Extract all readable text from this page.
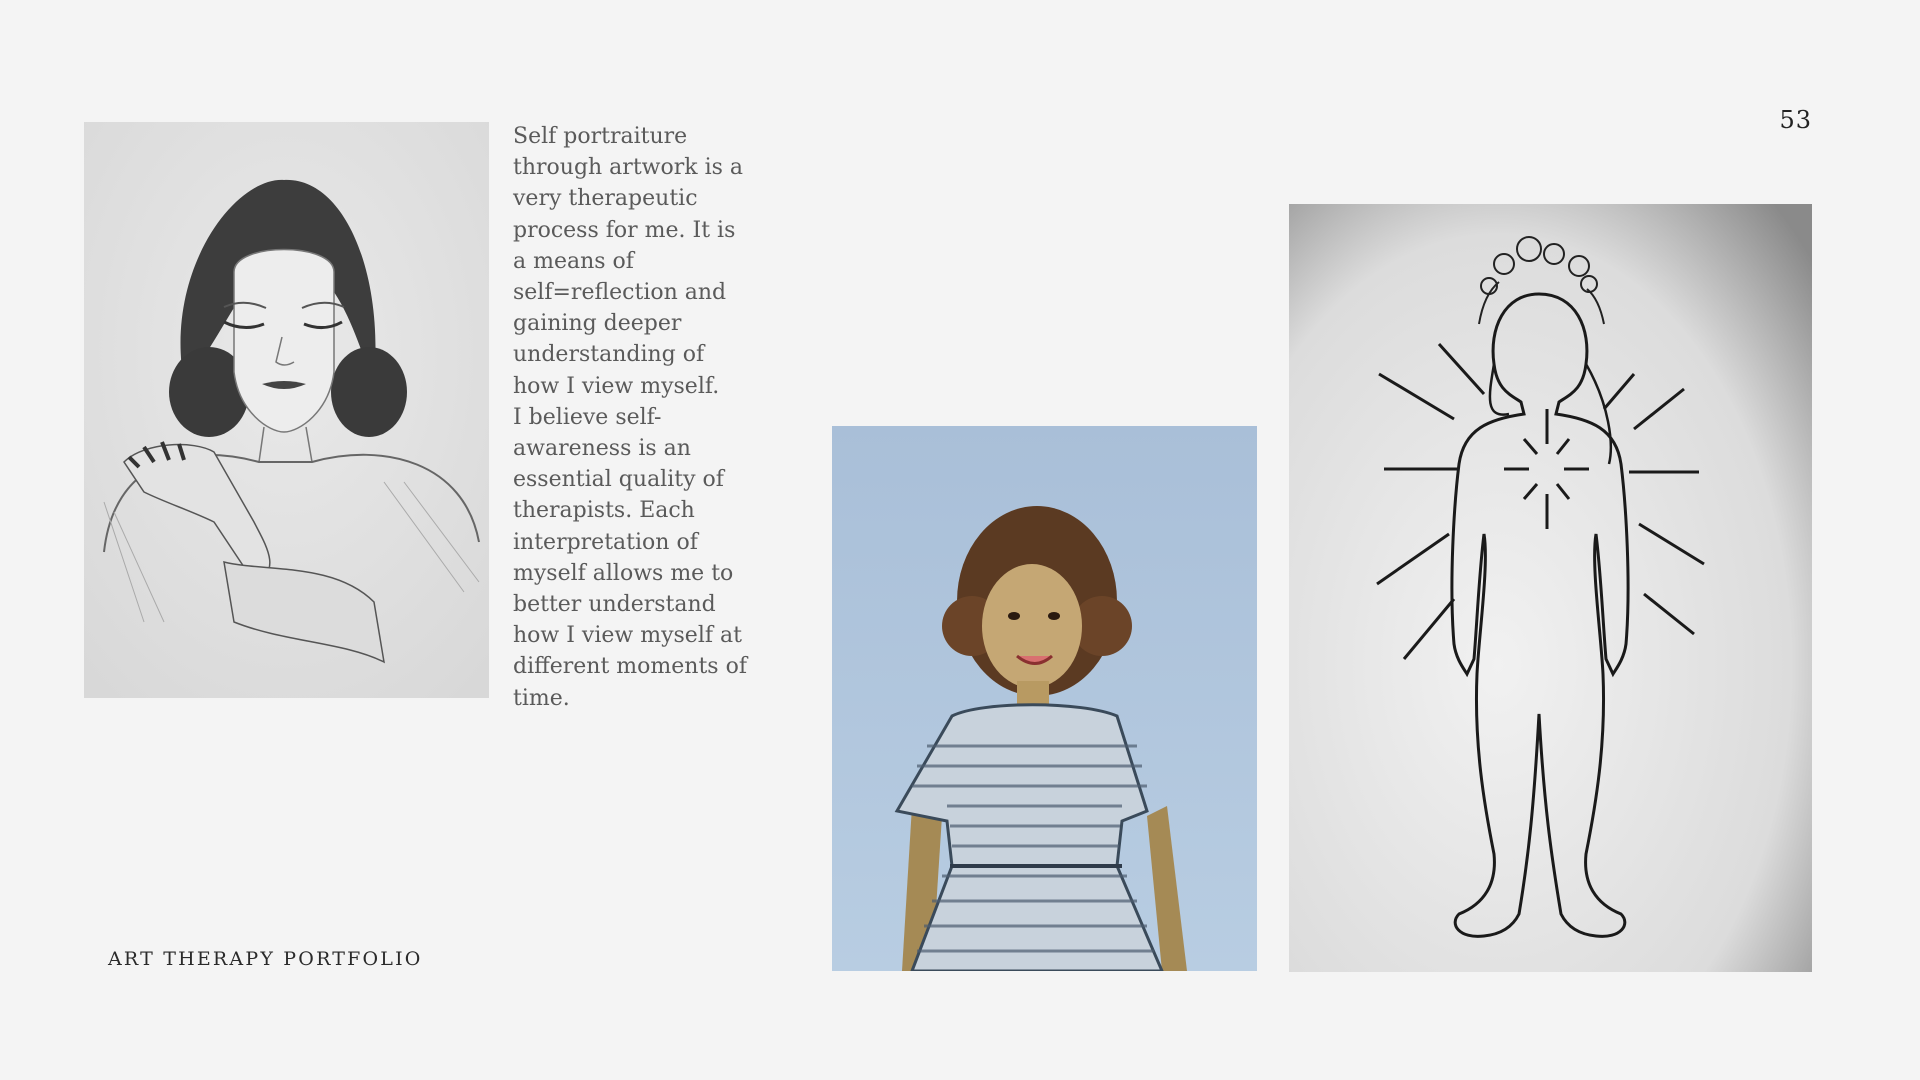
53
Self portraiture through artwork is a very therapeutic process for me. It is a means of self=reflection and gaining deeper understanding of how I view myself.
I believe self-awareness is an essential quality of therapists. Each interpretation of myself allows me to better understand how I view myself at different moments of time.
ART THERAPY PORTFOLIO
